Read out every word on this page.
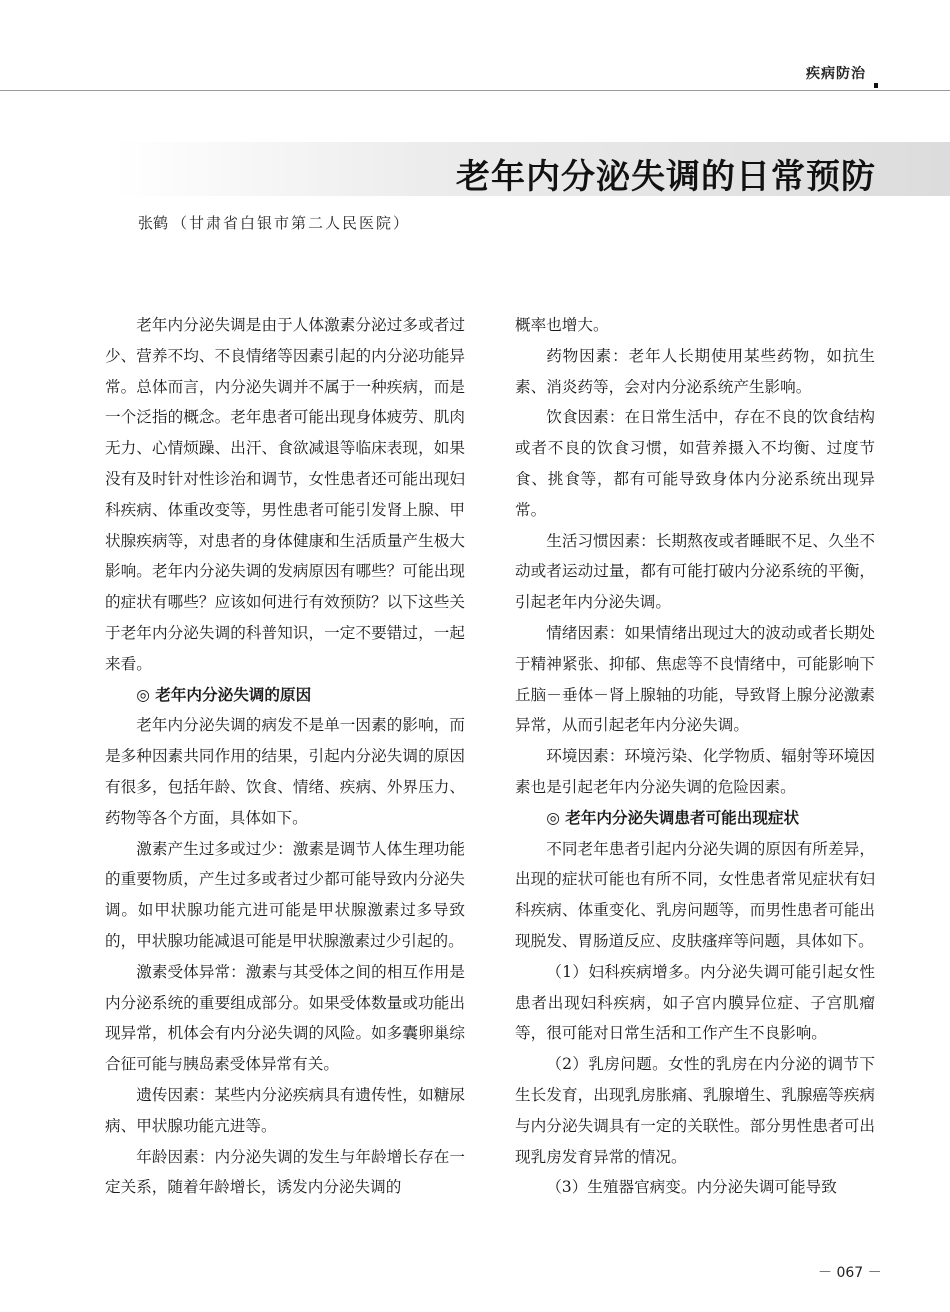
疾病防治
老年内分泌失调的日常预防
张鹤 （甘肃省白银市第二人民医院）

老年内分泌失调是由于人体激素分泌过多或者过少、营养不均、不良情绪等因素引起的内分泌功能异常。总体而言，内分泌失调并不属于一种疾病，而是一个泛指的概念。老年患者可能出现身体疲劳、肌肉无力、心情烦躁、出汗、食欲减退等临床表现，如果没有及时针对性诊治和调节，女性患者还可能出现妇科疾病、体重改变等，男性患者可能引发肾上腺、甲状腺疾病等，对患者的身体健康和生活质量产生极大影响。老年内分泌失调的发病原因有哪些？可能出现的症状有哪些？应该如何进行有效预防？以下这些关于老年内分泌失调的科普知识，一定不要错过，一起来看。

◎ 老年内分泌失调的原因

老年内分泌失调的病发不是单一因素的影响，而是多种因素共同作用的结果，引起内分泌失调的原因有很多，包括年龄、饮食、情绪、疾病、外界压力、药物等各个方面，具体如下。

激素产生过多或过少：激素是调节人体生理功能的重要物质，产生过多或者过少都可能导致内分泌失调。如甲状腺功能亢进可能是甲状腺激素过多导致的，甲状腺功能减退可能是甲状腺激素过少引起的。

激素受体异常：激素与其受体之间的相互作用是内分泌系统的重要组成部分。如果受体数量或功能出现异常，机体会有内分泌失调的风险。如多囊卵巢综合征可能与胰岛素受体异常有关。

遗传因素：某些内分泌疾病具有遗传性，如糖尿病、甲状腺功能亢进等。

年龄因素：内分泌失调的发生与年龄增长存在一定关系，随着年龄增长，诱发内分泌失调的

概率也增大。

药物因素：老年人长期使用某些药物，如抗生素、消炎药等，会对内分泌系统产生影响。

饮食因素：在日常生活中，存在不良的饮食结构或者不良的饮食习惯，如营养摄入不均衡、过度节食、挑食等，都有可能导致身体内分泌系统出现异常。

生活习惯因素：长期熬夜或者睡眠不足、久坐不动或者运动过量，都有可能打破内分泌系统的平衡，引起老年内分泌失调。

情绪因素：如果情绪出现过大的波动或者长期处于精神紧张、抑郁、焦虑等不良情绪中，可能影响下丘脑－垂体－肾上腺轴的功能，导致肾上腺分泌激素异常，从而引起老年内分泌失调。

环境因素：环境污染、化学物质、辐射等环境因素也是引起老年内分泌失调的危险因素。

◎ 老年内分泌失调患者可能出现症状

不同老年患者引起内分泌失调的原因有所差异，出现的症状可能也有所不同，女性患者常见症状有妇科疾病、体重变化、乳房问题等，而男性患者可能出现脱发、胃肠道反应、皮肤瘙痒等问题，具体如下。

（1）妇科疾病增多。内分泌失调可能引起女性患者出现妇科疾病，如子宫内膜异位症、子宫肌瘤等，很可能对日常生活和工作产生不良影响。

（2）乳房问题。女性的乳房在内分泌的调节下生长发育，出现乳房胀痛、乳腺增生、乳腺癌等疾病与内分泌失调具有一定的关联性。部分男性患者可出现乳房发育异常的情况。

（3）生殖器官病变。内分泌失调可能导致

－ 067 －
